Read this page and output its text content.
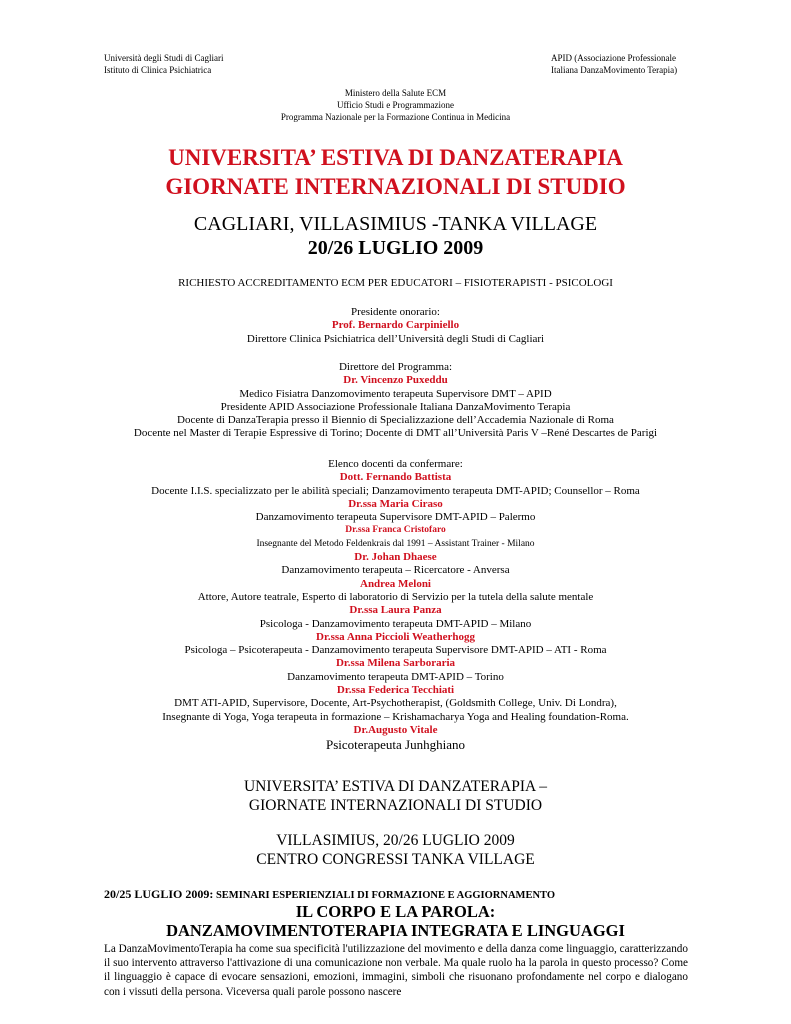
Università degli Studi di Cagliari
Istituto di Clinica Psichiatrica
APID (Associazione Professionale
Italiana DanzaMovimento Terapia)
Ministero della Salute ECM
Ufficio Studi e Programmazione
Programma Nazionale per la Formazione Continua in Medicina
UNIVERSITA’ ESTIVA DI DANZATERAPIA
GIORNATE INTERNAZIONALI DI STUDIO
CAGLIARI, VILLASIMIUS -TANKA VILLAGE
20/26 LUGLIO 2009
RICHIESTO ACCREDITAMENTO ECM PER EDUCATORI – FISIOTERAPISTI - PSICOLOGI
Presidente onorario:
Prof. Bernardo Carpiniello
Direttore Clinica Psichiatrica dell’Università degli Studi di Cagliari
Direttore del Programma:
Dr. Vincenzo Puxeddu
Medico Fisiatra Danzomovimento terapeuta Supervisore DMT – APID
Presidente APID Associazione Professionale Italiana DanzaMovimento Terapia
Docente di DanzaTerapia presso il Biennio di Specializzazione dell’Accademia Nazionale di Roma
Docente nel Master di Terapie Espressive di Torino; Docente di DMT all’Università Paris V –René Descartes de Parigi
Elenco docenti da confermare:
Dott. Fernando Battista
Docente I.I.S. specializzato per le abilità speciali; Danzamovimento terapeuta DMT-APID; Counsellor – Roma
Dr.ssa Maria Ciraso
Danzamovimento terapeuta Supervisore DMT-APID – Palermo
Dr.ssa Franca Cristofaro
Insegnante del Metodo Feldenkrais dal 1991 – Assistant Trainer - Milano
Dr. Johan Dhaese
Danzamovimento terapeuta – Ricercatore - Anversa
Andrea Meloni
Attore, Autore teatrale, Esperto di laboratorio di Servizio per la tutela della salute mentale
Dr.ssa Laura Panza
Psicologa - Danzamovimento terapeuta DMT-APID – Milano
Dr.ssa Anna Piccioli Weatherhogg
Psicologa – Psicoterapeuta - Danzamovimento terapeuta Supervisore DMT-APID – ATI - Roma
Dr.ssa Milena Sarboraria
Danzamovimento terapeuta DMT-APID – Torino
Dr.ssa Federica Tecchiati
DMT ATI-APID, Supervisore, Docente, Art-Psychotherapist, (Goldsmith College, Univ. Di Londra),
Insegnante di Yoga, Yoga terapeuta in formazione – Krishamacharya Yoga and Healing foundation-Roma.
Dr.Augusto Vitale
Psicoterapeuta Junhghiano
UNIVERSITA’ ESTIVA DI DANZATERAPIA –
GIORNATE INTERNAZIONALI DI STUDIO
VILLASIMIUS, 20/26 LUGLIO 2009
CENTRO CONGRESSI TANKA VILLAGE
20/25 LUGLIO 2009: SEMINARI ESPERIENZIALI DI FORMAZIONE E AGGIORNAMENTO
IL CORPO E LA PAROLA:
DANZAMOVIMENTOTERAPIA INTEGRATA E LINGUAGGI
La DanzaMovimentoTerapia ha come sua specificità l'utilizzazione del movimento e della danza come linguaggio, caratterizzando il suo intervento attraverso l'attivazione di una comunicazione non verbale. Ma quale ruolo ha la parola in questo processo? Come il linguaggio è capace di evocare sensazioni, emozioni, immagini, simboli che risuonano profondamente nel corpo e dialogano con i vissuti della persona. Viceversa quali parole possono nascere
